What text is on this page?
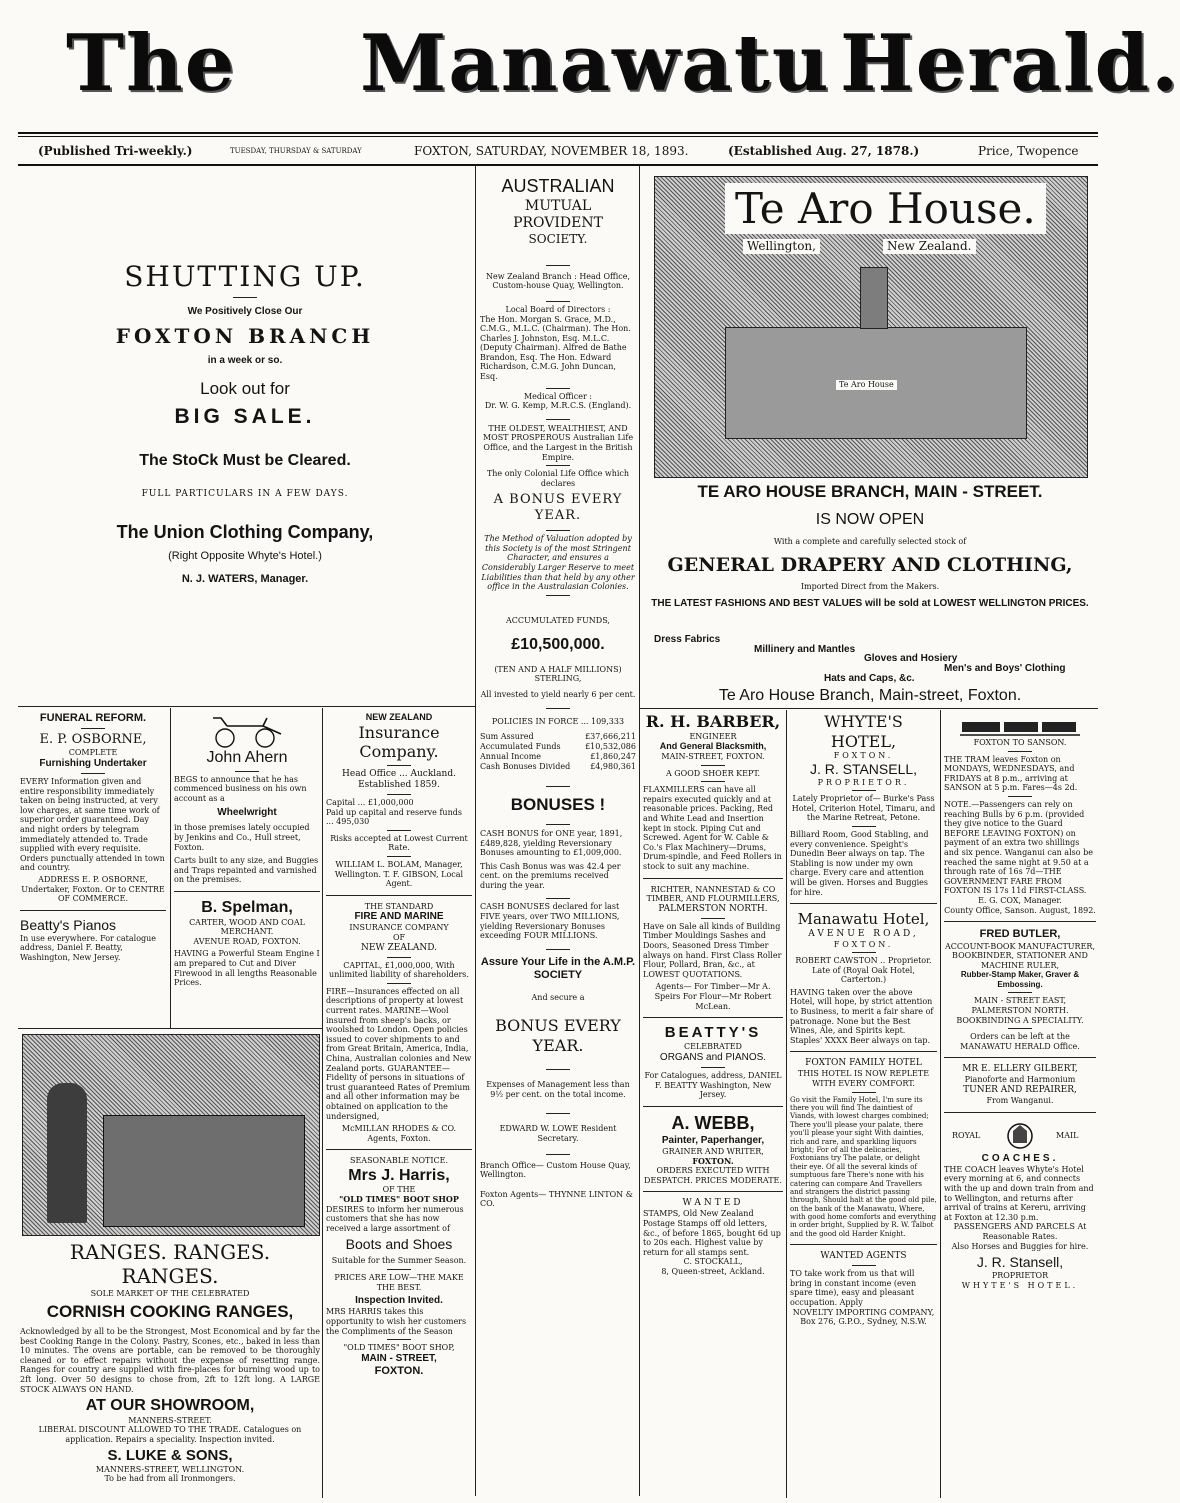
The Manawatu Herald.
(Published Tri-weekly.)	TUESDAY, THURSDAY & SATURDAY	FOXTON, SATURDAY, NOVEMBER 18, 1893.	(Established Aug. 27, 1878.)	Price, Twopence

SHUTTING UP.

We Positively Close Our

FOXTON BRANCH

in a week or so.

Look out for

BIG SALE.

The StoCk Must be Cleared.

FULL PARTICULARS IN A FEW DAYS.

The Union Clothing Company,

(Right Opposite Whyte's Hotel.)

N. J. WATERS, Manager.

AUSTRALIAN

MUTUAL PROVIDENT

SOCIETY.

New Zealand Branch : Head Office, Custom-house Quay, Wellington.

Local Board of Directors :

The Hon. Morgan S. Grace, M.D., C.M.G., M.L.C. (Chairman). The Hon. Charles J. Johnston, Esq. M.L.C. (Deputy Chairman). Alfred de Bathe Brandon, Esq. The Hon. Edward Richardson, C.M.G. John Duncan, Esq.

Medical Officer :

Dr. W. G. Kemp, M.R.C.S. (England).

THE OLDEST, WEALTHIEST, AND MOST PROSPEROUS Australian Life Office, and the Largest in the British Empire.

The only Colonial Life Office which declares

A BONUS EVERY YEAR.

The Method of Valuation adopted by this Society is of the most Stringent Character, and ensures a Considerably Larger Reserve to meet Liabilities than that held by any other office in the Australasian Colonies.

ACCUMULATED FUNDS,

£10,500,000.

(TEN AND A HALF MILLIONS) STERLING,

All invested to yield nearly 6 per cent.

POLICIES IN FORCE ... 109,333

Sum Assured	£37,666,211
Accumulated Funds	£10,532,086
Annual Income	£1,860,247
Cash Bonuses Divided £4,980,361

BONUSES !

CASH BONUS for ONE year, 1891, £489,828, yielding Reversionary Bonuses amounting to £1,009,000.

This Cash Bonus was was 42.4 per cent. on the premiums received during the year.

CASH BONUSES declared for last FIVE years, over TWO MILLIONS, yielding Reversionary Bonuses exceeding FOUR MILLIONS.

Assure Your Life in the A.M.P. SOCIETY

And secure a

BONUS EVERY YEAR.

Expenses of Management less than 9½ per cent. on the total income.

EDWARD W. LOWE Resident Secretary.

Branch Office— Custom House Quay, Wellington.

Foxton Agents— THYNNE LINTON & CO.

Te Aro House.

Wellington,	New Zealand.

Te Aro House

TE ARO HOUSE BRANCH, MAIN - STREET.

IS NOW OPEN

With a complete and carefully selected stock of

GENERAL DRAPERY AND CLOTHING,

Imported Direct from the Makers.

THE LATEST FASHIONS AND BEST VALUES will be sold at LOWEST WELLINGTON PRICES.

Dress Fabrics

Millinery and Mantles

Gloves and Hosiery

Men's and Boys' Clothing

Hats and Caps, &c.

Te Aro House Branch, Main-street, Foxton.

FUNERAL REFORM.

E. P. OSBORNE,

COMPLETE

Furnishing Undertaker

EVERY Information given and entire responsibility immediately taken on being instructed, at very low charges, at same time work of superior order guaranteed. Day and night orders by telegram immediately attended to. Trade supplied with every requisite. Orders punctually attended in town and country.

ADDRESS E. P. OSBORNE, Undertaker, Foxton. Or to CENTRE OF COMMERCE.

Beatty's Pianos

In use everywhere. For catalogue address, Daniel F. Beatty, Washington, New Jersey.

John Ahern

BEGS to announce that he has commenced business on his own account as a

Wheelwright

in those premises lately occupied by Jenkins and Co., Hull street, Foxton.

Carts built to any size, and Buggies and Traps repainted and varnished on the premises.

B. Spelman,

CARTER, WOOD AND COAL MERCHANT.

AVENUE ROAD, FOXTON.

HAVING a Powerful Steam Engine I am prepared to Cut and Diver Firewood in all lengths Reasonable Prices.

RANGES. RANGES. RANGES.

SOLE MARKET OF THE CELEBRATED

CORNISH COOKING RANGES,

Acknowledged by all to be the Strongest, Most Economical and by far the best Cooking Range in the Colony. Pastry, Scones, etc., baked in less than 10 minutes. The ovens are portable, can be removed to be thoroughly cleaned or to effect repairs without the expense of resetting range. Ranges for country are supplied with fire-places for burning wood up to 2ft long. Over 50 designs to chose from, 2ft to 12ft long. A LARGE STOCK ALWAYS ON HAND.

AT OUR SHOWROOM,

MANNERS-STREET.

LIBERAL DISCOUNT ALLOWED TO THE TRADE. Catalogues on application. Repairs a speciality. Inspection invited.

S. LUKE & SONS,

MANNERS-STREET, WELLINGTON.

To be had from all Ironmongers.

NEW ZEALAND

Insurance Company.

Head Office ... Auckland. Established 1859.

Capital ... £1,000,000

Paid up capital and reserve funds ... 495,030

Risks accepted at Lowest Current Rate.

WILLIAM L. BOLAM, Manager, Wellington. T. F. GIBSON, Local Agent.

THE STANDARD

FIRE AND MARINE

INSURANCE COMPANY

OF

NEW ZEALAND.

CAPITAL, £1,000,000, With unlimited liability of shareholders.

FIRE—Insurances effected on all descriptions of property at lowest current rates. MARINE—Wool insured from sheep's backs, or woolshed to London. Open policies issued to cover shipments to and from Great Britain, America, India, China, Australian colonies and New Zealand ports. GUARANTEE—Fidelity of persons in situations of trust guaranteed Rates of Premium and all other information may be obtained on application to the undersigned,

McMILLAN RHODES & CO. Agents, Foxton.

SEASONABLE NOTICE.

Mrs J. Harris,

OF THE

"OLD TIMES" BOOT SHOP

DESIRES to inform her numerous customers that she has now received a large assortment of

Boots and Shoes

Suitable for the Summer Season.

PRICES ARE LOW—THE MAKE THE BEST.

Inspection Invited.

MRS HARRIS takes this opportunity to wish her customers the Compliments of the Season

"OLD TIMES" BOOT SHOP,

MAIN - STREET,

FOXTON.

R. H. BARBER,

ENGINEER

And General Blacksmith,

MAIN-STREET, FOXTON.

A GOOD SHOER KEPT.

FLAXMILLERS can have all repairs executed quickly and at reasonable prices. Packing, Red and White Lead and Insertion kept in stock. Piping Cut and Screwed. Agent for W. Cable & Co.'s Flax Machinery—Drums, Drum-spindle, and Feed Rollers in stock to suit any machine.

RICHTER, NANNESTAD & CO

TIMBER, AND FLOURMILLERS,

PALMERSTON NORTH.

Have on Sale all kinds of Building Timber Mouldings Sashes and Doors, Seasoned Dress Timber always on hand. First Class Roller Flour, Pollard, Bran, &c., at LOWEST QUOTATIONS.

Agents— For Timber—Mr A. Speirs For Flour—Mr Robert McLean.

BEATTY'S

CELEBRATED

ORGANS and PIANOS.

For Catalogues, address, DANIEL F. BEATTY Washington, New Jersey.

A. WEBB,

Painter, Paperhanger,

GRAINER AND WRITER,

FOXTON.

ORDERS EXECUTED WITH DESPATCH. PRICES MODERATE.

WANTED

STAMPS, Old New Zealand Postage Stamps off old letters, &c., of before 1865, bought 6d up to 20s each. Highest value by return for all stamps sent.

C. STOCKALL,

8, Queen-street, Ackland.

WHYTE'S HOTEL,

FOXTON.

J. R. STANSELL,

PROPRIETOR.

Lately Proprietor of— Burke's Pass Hotel, Criterion Hotel, Timaru, and the Marine Retreat, Petone.

Billiard Room, Good Stabling, and every convenience. Speight's Dunedin Beer always on tap. The Stabling is now under my own charge. Every care and attention will be given. Horses and Buggies for hire.

Manawatu Hotel,

AVENUE ROAD,

FOXTON.

ROBERT CAWSTON .. Proprietor. Late of (Royal Oak Hotel, Carterton.)

HAVING taken over the above Hotel, will hope, by strict attention to Business, to merit a fair share of patronage. None but the Best Wines, Ale, and Spirits kept. Staples' XXXX Beer always on tap.

FOXTON FAMILY HOTEL

THIS HOTEL IS NOW REPLETE WITH EVERY COMFORT.

Go visit the Family Hotel, I'm sure its there you will find The daintiest of Viands, with lowest charges combined; There you'll please your palate, there you'll please your sight With dainties, rich and rare, and sparkling liquors bright; For of all the delicacies, Foxtonians try The palate, or delight their eye. Of all the several kinds of sumptuous fare There's none with his catering can compare And Travellers and strangers the district passing through, Should halt at the good old pile, on the bank of the Manawatu, Where, with good home comforts and everything in order bright, Supplied by R. W. Talbot and the good old Harder Knight.

WANTED AGENTS

TO take work from us that will bring in constant income (even spare time), easy and pleasant occupation. Apply

NOVELTY IMPORTING COMPANY, Box 276, G.P.O., Sydney, N.S.W.

FOXTON TO SANSON.

THE TRAM leaves Foxton on MONDAYS, WEDNESDAYS, and FRIDAYS at 8 p.m., arriving at SANSON at 5 p.m. Fares—4s 2d.

NOTE.—Passengers can rely on reaching Bulls by 6 p.m. (provided they give notice to the Guard BEFORE LEAVING FOXTON) on payment of an extra two shillings and six pence. Wanganui can also be reached the same night at 9.50 at a through rate of 16s 7d—THE GOVERNMENT FARE FROM FOXTON IS 17s 11d FIRST-CLASS.

E. G. COX, Manager.

County Office, Sanson. August, 1892.

FRED BUTLER,

ACCOUNT-BOOK MANUFACTURER, BOOKBINDER, STATIONER AND MACHINE RULER,

Rubber-Stamp Maker, Graver & Embossing.

MAIN - STREET EAST, PALMERSTON NORTH.

BOOKBINDING A SPECIALITY.

Orders can be left at the MANAWATU HERALD Office.

MR E. ELLERY GILBERT,

Pianoforte and Harmonium

TUNER AND REPAIRER,

From Wanganui.

ROYAL	MAIL

COACHES.

THE COACH leaves Whyte's Hotel every morning at 6, and connects with the up and down train from and to Wellington, and returns after arrival of trains at Kereru, arriving at Foxton at 12.30 p.m.

PASSENGERS AND PARCELS At Reasonable Rates.

Also Horses and Buggies for hire.

J. R. Stansell,

PROPRIETOR

WHYTE'S HOTEL.
